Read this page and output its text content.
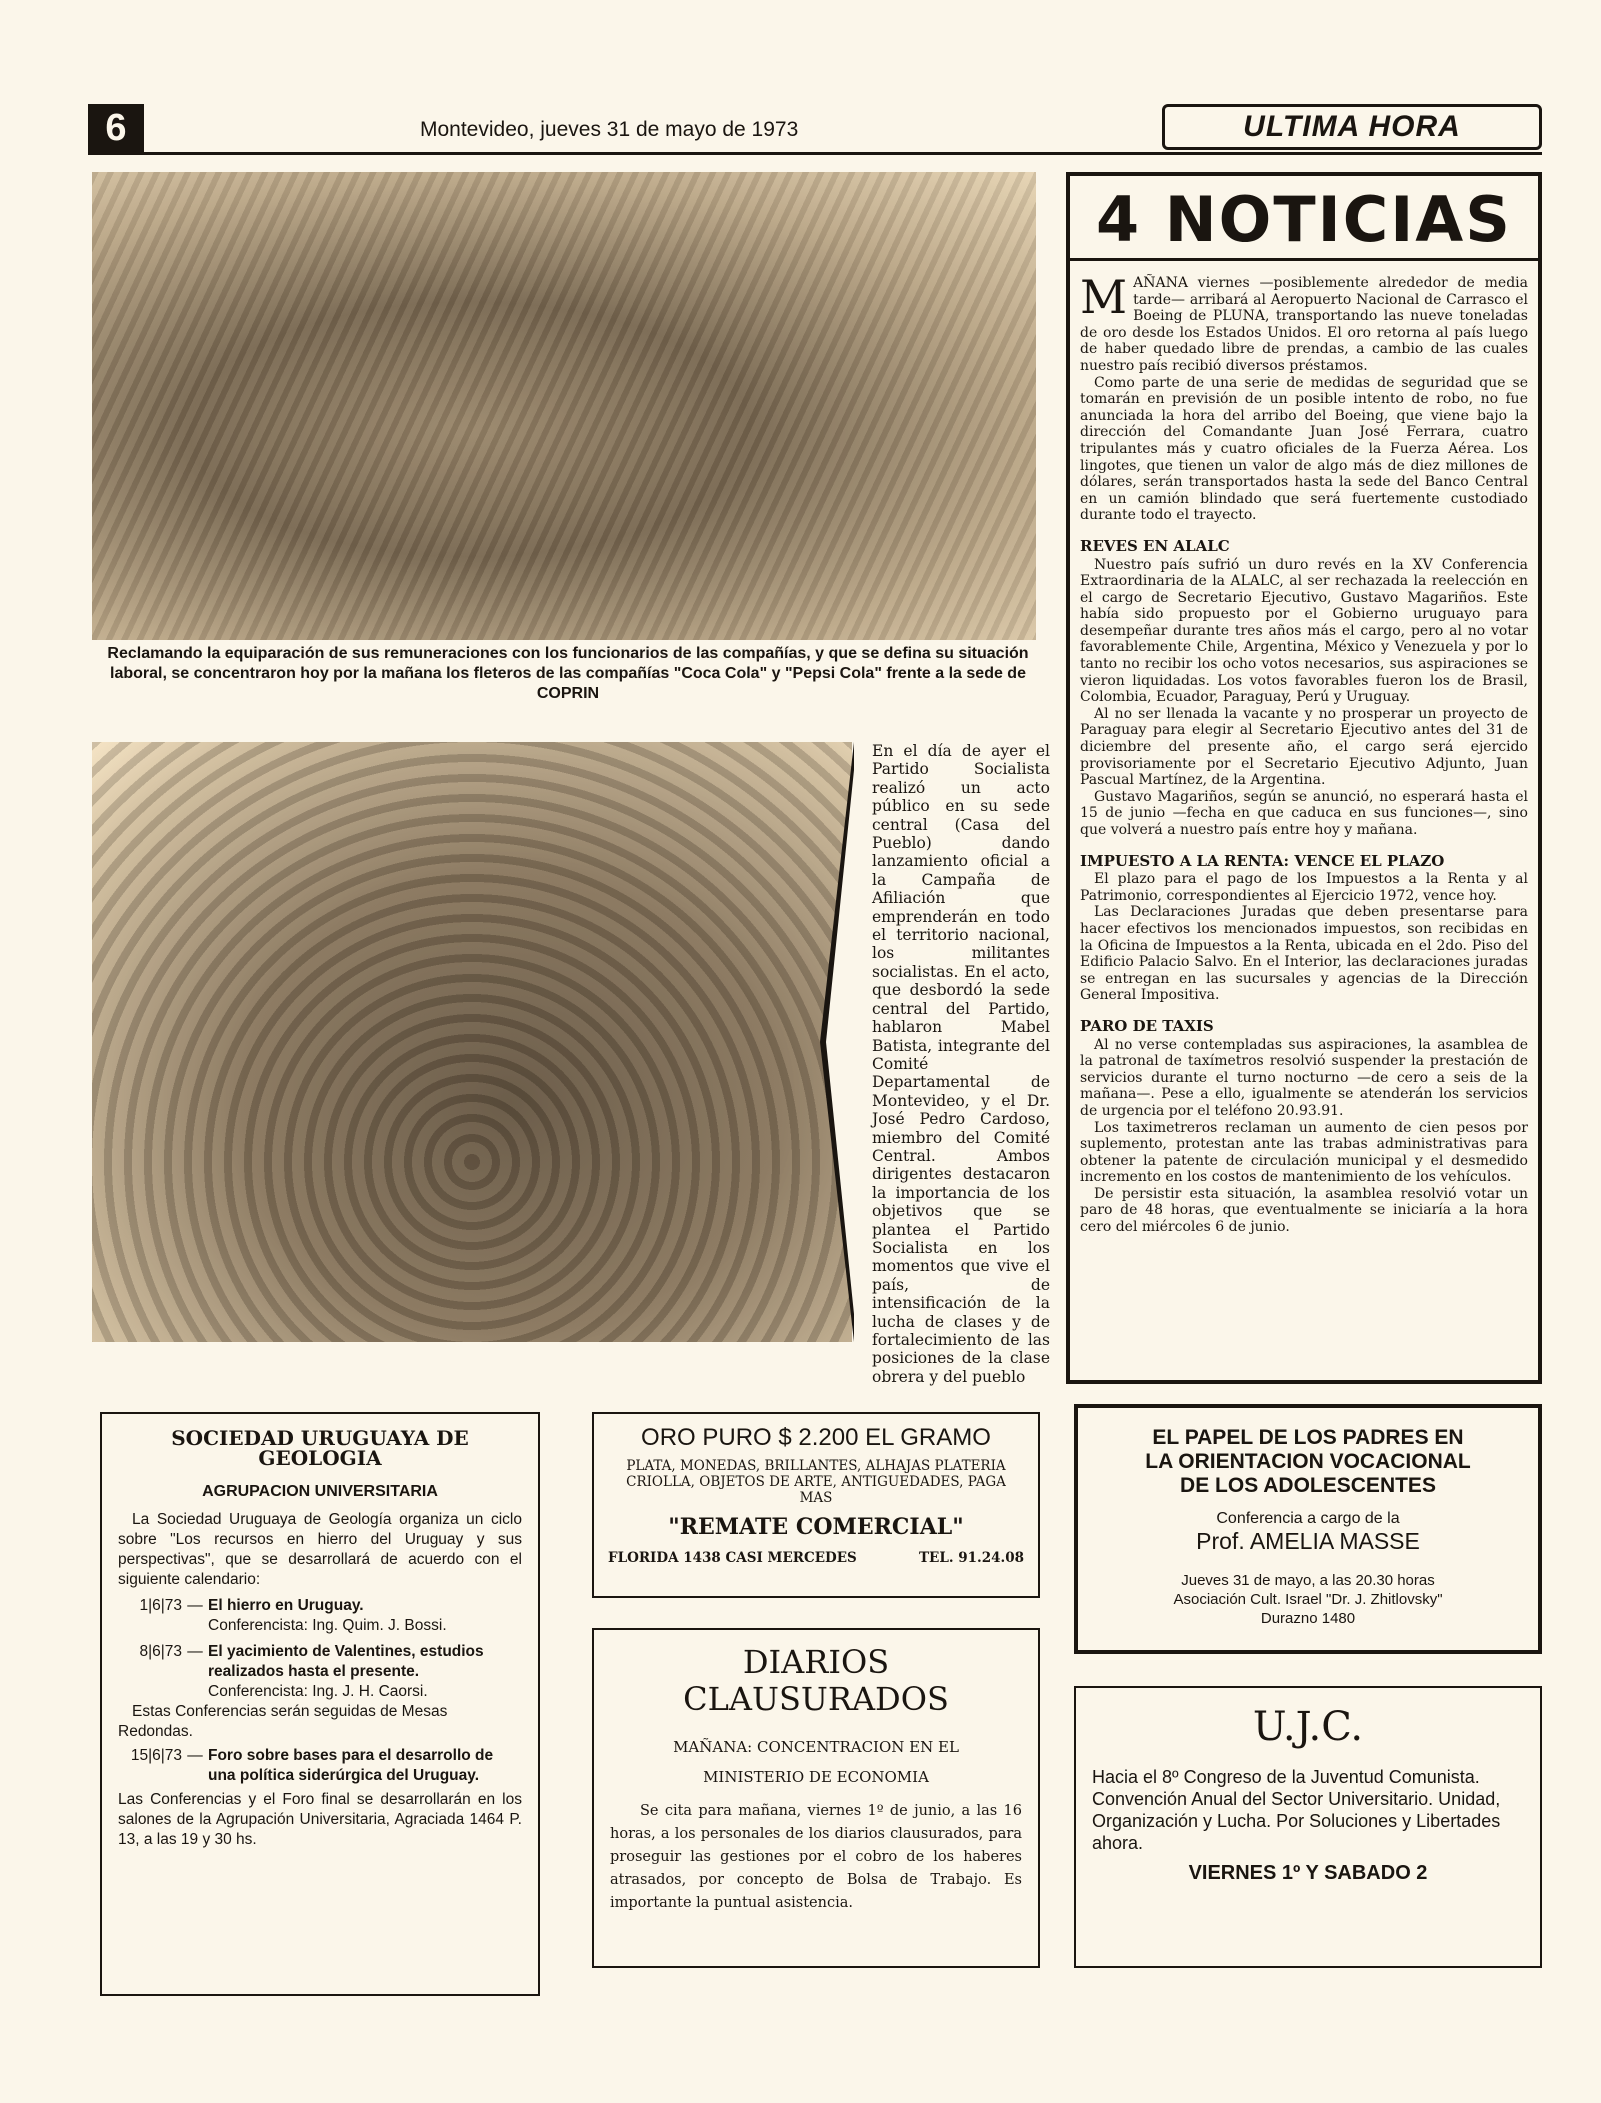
6	Montevideo, jueves 31 de mayo de 1973	ULTIMA HORA
Reclamando la equiparación de sus remuneraciones con los funcionarios de las compañías, y que se defina su situación laboral, se concentraron hoy por la mañana los fleteros de las compañías "Coca Cola" y "Pepsi Cola" frente a la sede de COPRIN
En el día de ayer el Partido Socialista realizó un acto público en su sede central (Casa del Pueblo) dando lanzamiento oficial a la Campaña de Afiliación que emprenderán en todo el territorio nacional, los militantes socialistas. En el acto, que desbordó la sede central del Partido, hablaron Mabel Batista, integrante del Comité Departamental de Montevideo, y el Dr. José Pedro Cardoso, miembro del Comité Central. Ambos dirigentes destacaron la importancia de los objetivos que se plantea el Partido Socialista en los momentos que vive el país, de intensificación de la lucha de clases y de fortalecimiento de las posiciones de la clase obrera y del pueblo
4 NOTICIAS

M AÑANA viernes —posiblemente alrededor de media tarde— arribará al Aeropuerto Nacional de Carrasco el Boeing de PLUNA, transportando las nueve toneladas de oro desde los Estados Unidos. El oro retorna al país luego de haber quedado libre de prendas, a cambio de las cuales nuestro país recibió diversos préstamos.

Como parte de una serie de medidas de seguridad que se tomarán en previsión de un posible intento de robo, no fue anunciada la hora del arribo del Boeing, que viene bajo la dirección del Comandante Juan José Ferrara, cuatro tripulantes más y cuatro oficiales de la Fuerza Aérea. Los lingotes, que tienen un valor de algo más de diez millones de dólares, serán transportados hasta la sede del Banco Central en un camión blindado que será fuertemente custodiado durante todo el trayecto.

REVES EN ALALC

Nuestro país sufrió un duro revés en la XV Conferencia Extraordinaria de la ALALC, al ser rechazada la reelección en el cargo de Secretario Ejecutivo, Gustavo Magariños. Este había sido propuesto por el Gobierno uruguayo para desempeñar durante tres años más el cargo, pero al no votar favorablemente Chile, Argentina, México y Venezuela y por lo tanto no recibir los ocho votos necesarios, sus aspiraciones se vieron liquidadas. Los votos favorables fueron los de Brasil, Colombia, Ecuador, Paraguay, Perú y Uruguay.

Al no ser llenada la vacante y no prosperar un proyecto de Paraguay para elegir al Secretario Ejecutivo antes del 31 de diciembre del presente año, el cargo será ejercido provisoriamente por el Secretario Ejecutivo Adjunto, Juan Pascual Martínez, de la Argentina.

Gustavo Magariños, según se anunció, no esperará hasta el 15 de junio —fecha en que caduca en sus funciones—, sino que volverá a nuestro país entre hoy y mañana.

IMPUESTO A LA RENTA: VENCE EL PLAZO

El plazo para el pago de los Impuestos a la Renta y al Patrimonio, correspondientes al Ejercicio 1972, vence hoy.

Las Declaraciones Juradas que deben presentarse para hacer efectivos los mencionados impuestos, son recibidas en la Oficina de Impuestos a la Renta, ubicada en el 2do. Piso del Edificio Palacio Salvo. En el Interior, las declaraciones juradas se entregan en las sucursales y agencias de la Dirección General Impositiva.

PARO DE TAXIS

Al no verse contempladas sus aspiraciones, la asamblea de la patronal de taxímetros resolvió suspender la prestación de servicios durante el turno nocturno —de cero a seis de la mañana—. Pese a ello, igualmente se atenderán los servicios de urgencia por el teléfono 20.93.91.

Los taximetreros reclaman un aumento de cien pesos por suplemento, protestan ante las trabas administrativas para obtener la patente de circulación municipal y el desmedido incremento en los costos de mantenimiento de los vehículos.

De persistir esta situación, la asamblea resolvió votar un paro de 48 horas, que eventualmente se iniciaría a la hora cero del miércoles 6 de junio.

SOCIEDAD URUGUAYA DE GEOLOGIA
AGRUPACION UNIVERSITARIA

La Sociedad Uruguaya de Geología organiza un ciclo sobre "Los recursos en hierro del Uruguay y sus perspectivas", que se desarrollará de acuerdo con el siguiente calendario:

1|6|73 — El hierro en Uruguay.
Conferencista: Ing. Quim. J. Bossi.
8|6|73 — El yacimiento de Valentines, estudios realizados hasta el presente.
Conferencista: Ing. J. H. Caorsi.

Estas Conferencias serán seguidas de Mesas Redondas.

15|6|73 — Foro sobre bases para el desarrollo de una política siderúrgica del Uruguay.

Las Conferencias y el Foro final se desarrollarán en los salones de la Agrupación Universitaria, Agraciada 1464 P. 13, a las 19 y 30 hs.

ORO PURO $ 2.200 EL GRAMO
PLATA, MONEDAS, BRILLANTES, ALHAJAS PLATERIA CRIOLLA, OBJETOS DE ARTE, ANTIGUEDADES, PAGA MAS
"REMATE COMERCIAL"
FLORIDA 1438 CASI MERCEDES	TEL. 91.24.08
DIARIOS
CLAUSURADOS
MAÑANA: CONCENTRACION EN EL
MINISTERIO DE ECONOMIA

Se cita para mañana, viernes 1º de junio, a las 16 horas, a los personales de los diarios clausurados, para proseguir las gestiones por el cobro de los haberes atrasados, por concepto de Bolsa de Trabajo. Es importante la puntual asistencia.

EL PAPEL DE LOS PADRES EN
LA ORIENTACION VOCACIONAL
DE LOS ADOLESCENTES
Conferencia a cargo de la
Prof. AMELIA MASSE
Jueves 31 de mayo, a las 20.30 horas
Asociación Cult. Israel "Dr. J. Zhitlovsky"
Durazno 1480
U.J.C.

Hacia el 8º Congreso de la Juventud Comunista. Convención Anual del Sector Universitario. Unidad, Organización y Lucha. Por Soluciones y Libertades ahora.

VIERNES 1º Y SABADO 2
